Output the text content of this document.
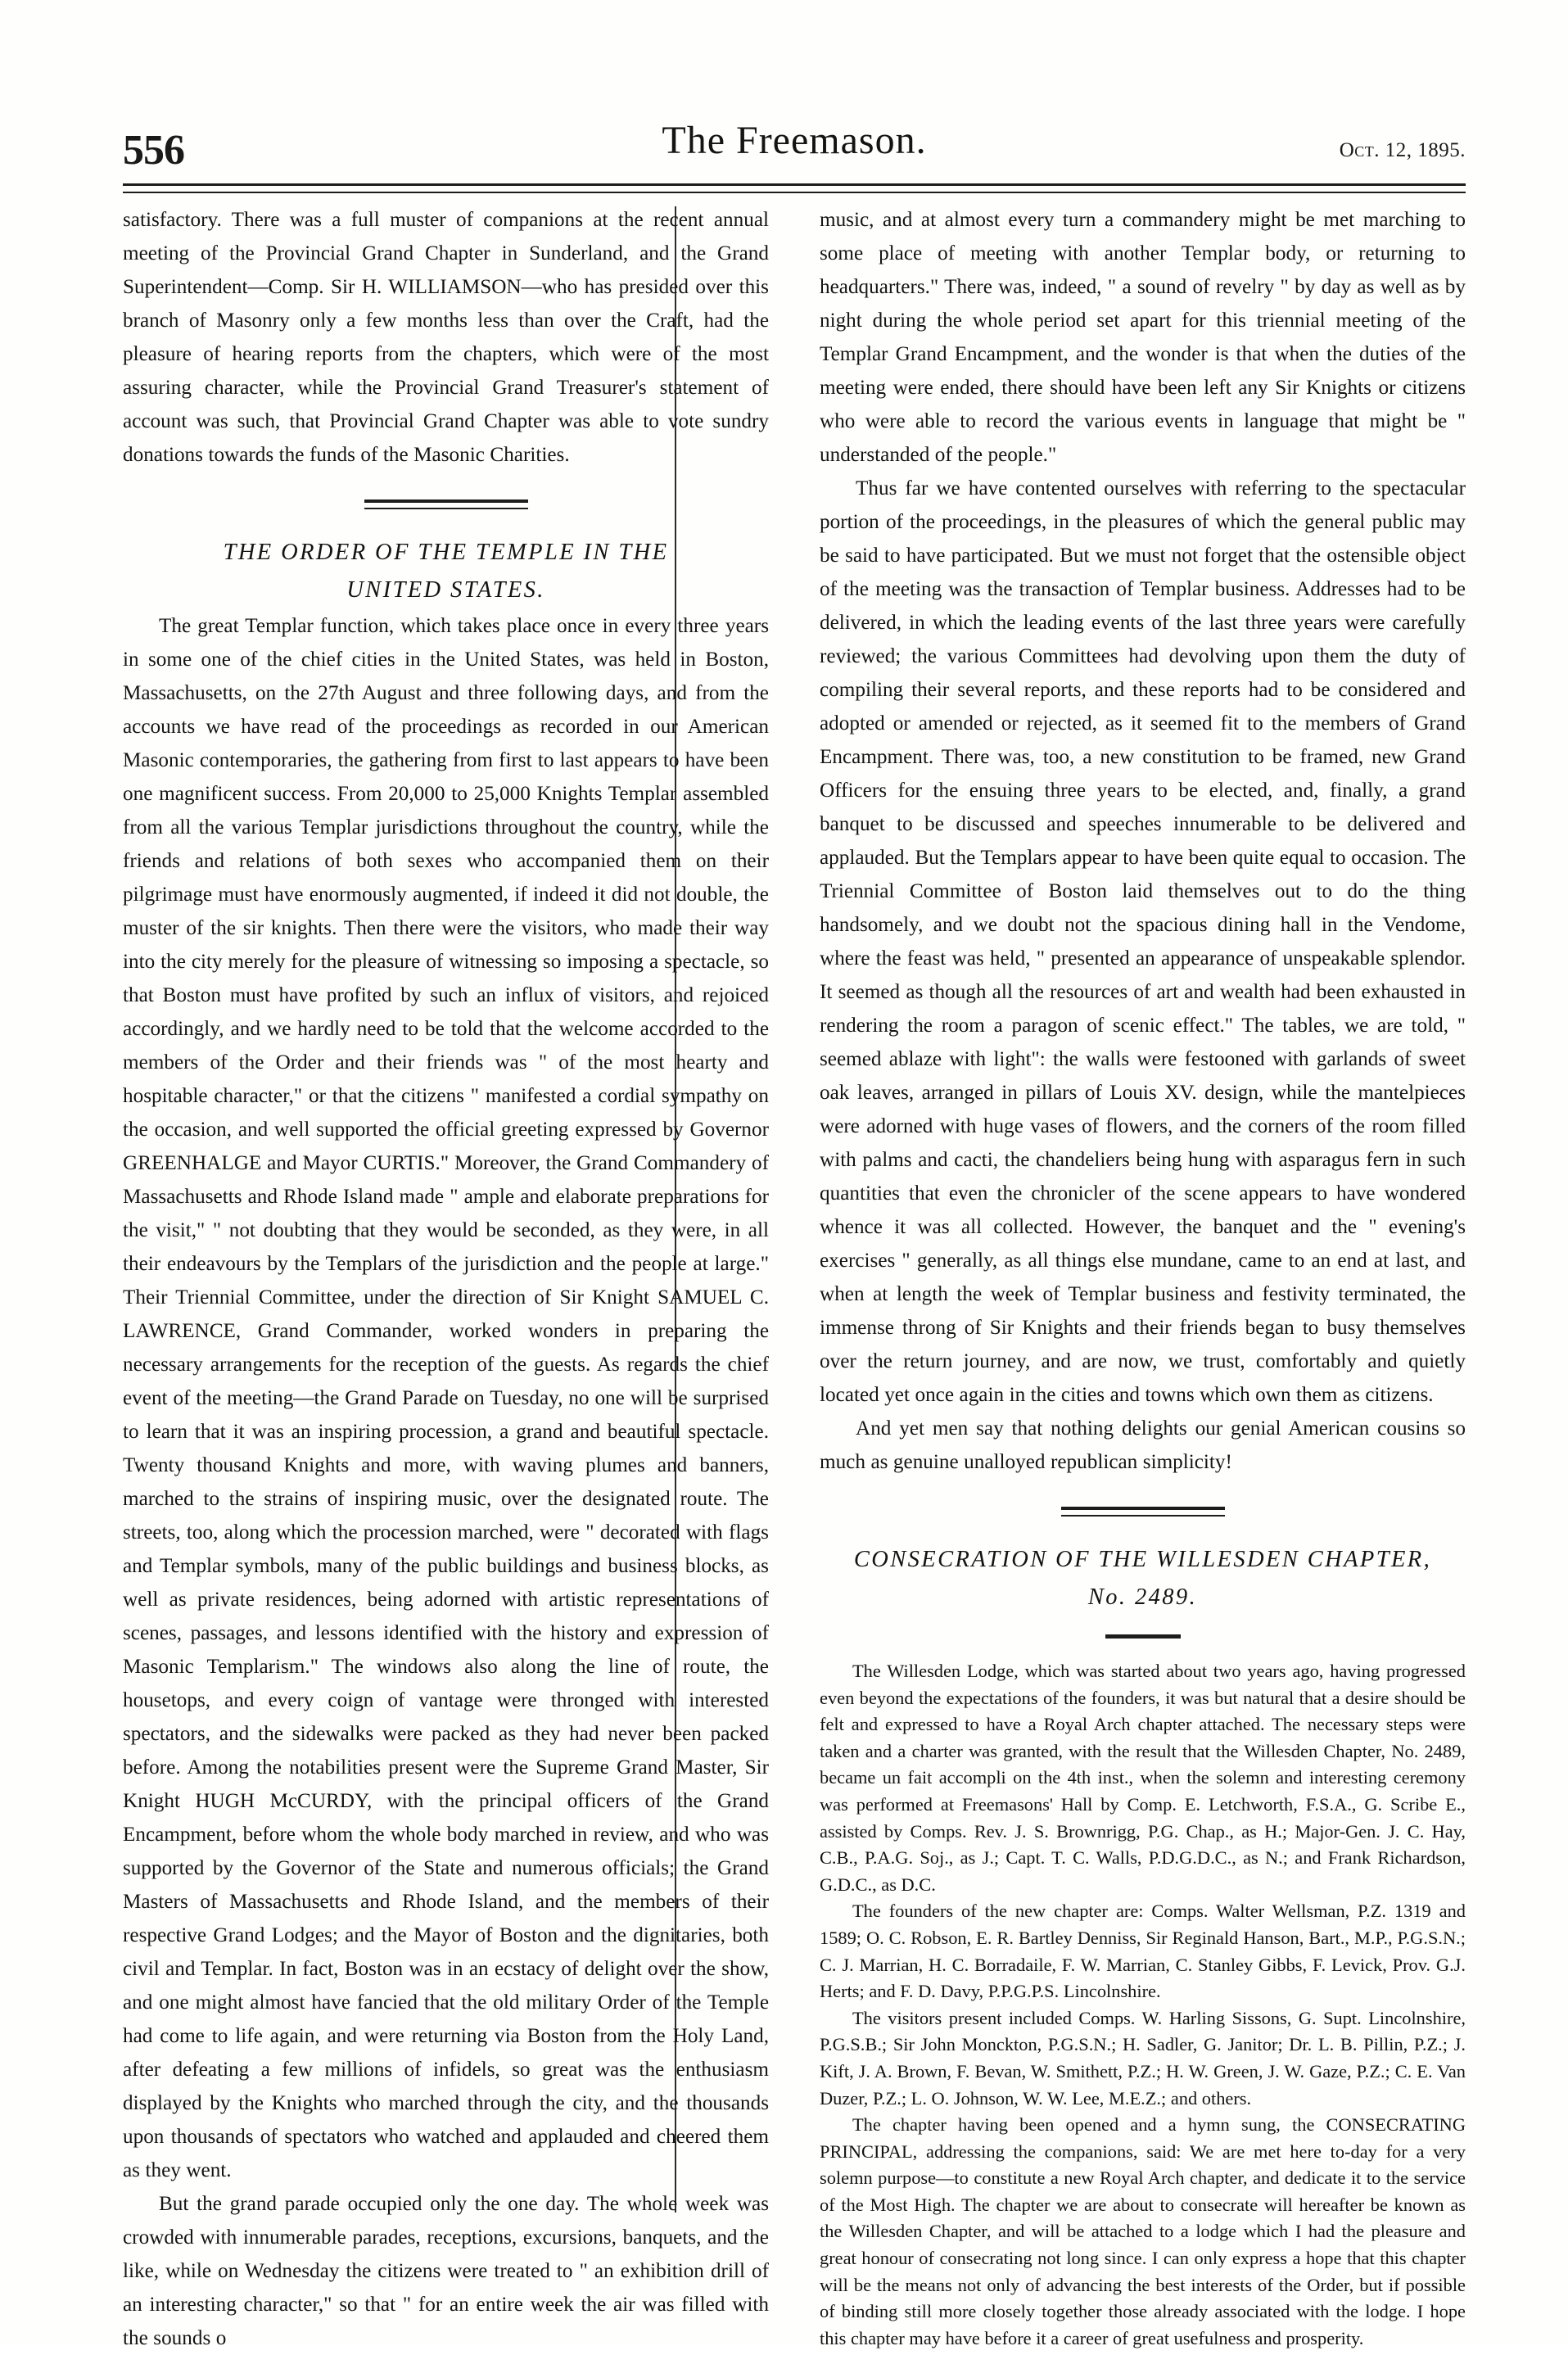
556	The Freemason.	Oct. 12, 1895.

satisfactory. There was a full muster of companions at the recent annual meeting of the Provincial Grand Chapter in Sunderland, and the Grand Superintendent—Comp. Sir H. WILLIAMSON—who has presided over this branch of Masonry only a few months less than over the Craft, had the pleasure of hearing reports from the chapters, which were of the most assuring character, while the Provincial Grand Treasurer's statement of account was such, that Provincial Grand Chapter was able to vote sundry donations towards the funds of the Masonic Charities.

THE ORDER OF THE TEMPLE IN THE
UNITED STATES.

The great Templar function, which takes place once in every three years in some one of the chief cities in the United States, was held in Boston, Massachusetts, on the 27th August and three following days, and from the accounts we have read of the proceedings as recorded in our American Masonic contemporaries, the gathering from first to last appears to have been one magnificent success. From 20,000 to 25,000 Knights Templar assembled from all the various Templar jurisdictions throughout the country, while the friends and relations of both sexes who accompanied them on their pilgrimage must have enormously augmented, if indeed it did not double, the muster of the sir knights. Then there were the visitors, who made their way into the city merely for the pleasure of witnessing so imposing a spectacle, so that Boston must have profited by such an influx of visitors, and rejoiced accordingly, and we hardly need to be told that the welcome accorded to the members of the Order and their friends was " of the most hearty and hospitable character," or that the citizens " manifested a cordial sympathy on the occasion, and well supported the official greeting expressed by Governor GREENHALGE and Mayor CURTIS." Moreover, the Grand Commandery of Massachusetts and Rhode Island made " ample and elaborate preparations for the visit," " not doubting that they would be seconded, as they were, in all their endeavours by the Templars of the jurisdiction and the people at large." Their Triennial Committee, under the direction of Sir Knight SAMUEL C. LAWRENCE, Grand Commander, worked wonders in preparing the necessary arrangements for the reception of the guests. As regards the chief event of the meeting—the Grand Parade on Tuesday, no one will be surprised to learn that it was an inspiring procession, a grand and beautiful spectacle. Twenty thousand Knights and more, with waving plumes and banners, marched to the strains of inspiring music, over the designated route. The streets, too, along which the procession marched, were " decorated with flags and Templar symbols, many of the public buildings and business blocks, as well as private residences, being adorned with artistic representations of scenes, passages, and lessons identified with the history and expression of Masonic Templarism." The windows also along the line of route, the housetops, and every coign of vantage were thronged with interested spectators, and the sidewalks were packed as they had never been packed before. Among the notabilities present were the Supreme Grand Master, Sir Knight HUGH McCURDY, with the principal officers of the Grand Encampment, before whom the whole body marched in review, and who was supported by the Governor of the State and numerous officials; the Grand Masters of Massachusetts and Rhode Island, and the members of their respective Grand Lodges; and the Mayor of Boston and the dignitaries, both civil and Templar. In fact, Boston was in an ecstacy of delight over the show, and one might almost have fancied that the old military Order of the Temple had come to life again, and were returning via Boston from the Holy Land, after defeating a few millions of infidels, so great was the enthusiasm displayed by the Knights who marched through the city, and the thousands upon thousands of spectators who watched and applauded and cheered them as they went.

But the grand parade occupied only the one day. The whole week was crowded with innumerable parades, receptions, excursions, banquets, and the like, while on Wednesday the citizens were treated to " an exhibition drill of an interesting character," so that " for an entire week the air was filled with the sounds o

music, and at almost every turn a commandery might be met marching to some place of meeting with another Templar body, or returning to headquarters." There was, indeed, " a sound of revelry " by day as well as by night during the whole period set apart for this triennial meeting of the Templar Grand Encampment, and the wonder is that when the duties of the meeting were ended, there should have been left any Sir Knights or citizens who were able to record the various events in language that might be " understanded of the people."

Thus far we have contented ourselves with referring to the spectacular portion of the proceedings, in the pleasures of which the general public may be said to have participated. But we must not forget that the ostensible object of the meeting was the transaction of Templar business. Addresses had to be delivered, in which the leading events of the last three years were carefully reviewed; the various Committees had devolving upon them the duty of compiling their several reports, and these reports had to be considered and adopted or amended or rejected, as it seemed fit to the members of Grand Encampment. There was, too, a new constitution to be framed, new Grand Officers for the ensuing three years to be elected, and, finally, a grand banquet to be discussed and speeches innumerable to be delivered and applauded. But the Templars appear to have been quite equal to occasion. The Triennial Committee of Boston laid themselves out to do the thing handsomely, and we doubt not the spacious dining hall in the Vendome, where the feast was held, " presented an appearance of unspeakable splendor. It seemed as though all the resources of art and wealth had been exhausted in rendering the room a paragon of scenic effect." The tables, we are told, " seemed ablaze with light": the walls were festooned with garlands of sweet oak leaves, arranged in pillars of Louis XV. design, while the mantelpieces were adorned with huge vases of flowers, and the corners of the room filled with palms and cacti, the chandeliers being hung with asparagus fern in such quantities that even the chronicler of the scene appears to have wondered whence it was all collected. However, the banquet and the " evening's exercises " generally, as all things else mundane, came to an end at last, and when at length the week of Templar business and festivity terminated, the immense throng of Sir Knights and their friends began to busy themselves over the return journey, and are now, we trust, comfortably and quietly located yet once again in the cities and towns which own them as citizens.

And yet men say that nothing delights our genial American cousins so much as genuine unalloyed republican simplicity!

CONSECRATION OF THE WILLESDEN CHAPTER,
No. 2489.

The Willesden Lodge, which was started about two years ago, having progressed even beyond the expectations of the founders, it was but natural that a desire should be felt and expressed to have a Royal Arch chapter attached. The necessary steps were taken and a charter was granted, with the result that the Willesden Chapter, No. 2489, became un fait accompli on the 4th inst., when the solemn and interesting ceremony was performed at Freemasons' Hall by Comp. E. Letchworth, F.S.A., G. Scribe E., assisted by Comps. Rev. J. S. Brownrigg, P.G. Chap., as H.; Major-Gen. J. C. Hay, C.B., P.A.G. Soj., as J.; Capt. T. C. Walls, P.D.G.D.C., as N.; and Frank Richardson, G.D.C., as D.C.

The founders of the new chapter are: Comps. Walter Wellsman, P.Z. 1319 and 1589; O. C. Robson, E. R. Bartley Denniss, Sir Reginald Hanson, Bart., M.P., P.G.S.N.; C. J. Marrian, H. C. Borradaile, F. W. Marrian, C. Stanley Gibbs, F. Levick, Prov. G.J. Herts; and F. D. Davy, P.P.G.P.S. Lincolnshire.

The visitors present included Comps. W. Harling Sissons, G. Supt. Lincolnshire, P.G.S.B.; Sir John Monckton, P.G.S.N.; H. Sadler, G. Janitor; Dr. L. B. Pillin, P.Z.; J. Kift, J. A. Brown, F. Bevan, W. Smithett, P.Z.; H. W. Green, J. W. Gaze, P.Z.; C. E. Van Duzer, P.Z.; L. O. Johnson, W. W. Lee, M.E.Z.; and others.

The chapter having been opened and a hymn sung, the CONSECRATING PRINCIPAL, addressing the companions, said: We are met here to-day for a very solemn purpose—to constitute a new Royal Arch chapter, and dedicate it to the service of the Most High. The chapter we are about to consecrate will hereafter be known as the Willesden Chapter, and will be attached to a lodge which I had the pleasure and great honour of consecrating not long since. I can only express a hope that this chapter will be the means not only of advancing the best interests of the Order, but if possible of binding still more closely together those already associated with the lodge. I hope this chapter may have before it a career of great usefulness and prosperity.
